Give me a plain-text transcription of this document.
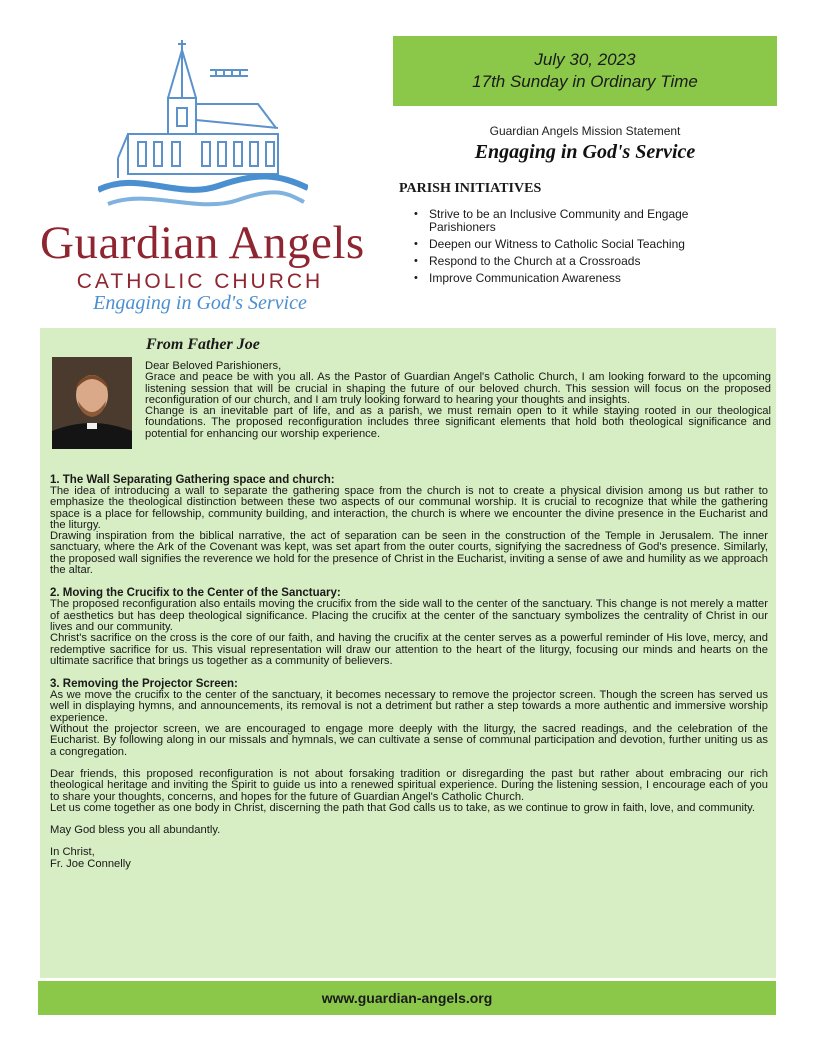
Guardian Angels
CATHOLIC CHURCH
Engaging in God's Service
July 30, 2023
17th Sunday in Ordinary Time
Guardian Angels Mission Statement
Engaging in God's Service
PARISH INITIATIVES
• Strive to be an Inclusive Community and Engage Parishioners
• Deepen our Witness to Catholic Social Teaching
• Respond to the Church at a Crossroads
• Improve Communication Awareness
From Father Joe

Dear Beloved Parishioners,

Grace and peace be with you all. As the Pastor of Guardian Angel's Catholic Church, I am looking forward to the upcoming listening session that will be crucial in shaping the future of our beloved church. This session will focus on the proposed reconfiguration of our church, and I am truly looking forward to hearing your thoughts and insights.

Change is an inevitable part of life, and as a parish, we must remain open to it while staying rooted in our theological foundations. The proposed reconfiguration includes three significant elements that hold both theological significance and potential for enhancing our worship experience.

1. The Wall Separating Gathering space and church:

The idea of introducing a wall to separate the gathering space from the church is not to create a physical division among us but rather to emphasize the theological distinction between these two aspects of our communal worship. It is crucial to recognize that while the gathering space is a place for fellowship, community building, and interaction, the church is where we encounter the divine presence in the Eucharist and the liturgy.

Drawing inspiration from the biblical narrative, the act of separation can be seen in the construction of the Temple in Jerusalem. The inner sanctuary, where the Ark of the Covenant was kept, was set apart from the outer courts, signifying the sacredness of God's presence. Similarly, the proposed wall signifies the reverence we hold for the presence of Christ in the Eucharist, inviting a sense of awe and humility as we approach the altar.

2. Moving the Crucifix to the Center of the Sanctuary:

The proposed reconfiguration also entails moving the crucifix from the side wall to the center of the sanctuary. This change is not merely a matter of aesthetics but has deep theological significance. Placing the crucifix at the center of the sanctuary symbolizes the centrality of Christ in our lives and our community.

Christ's sacrifice on the cross is the core of our faith, and having the crucifix at the center serves as a powerful reminder of His love, mercy, and redemptive sacrifice for us. This visual representation will draw our attention to the heart of the liturgy, focusing our minds and hearts on the ultimate sacrifice that brings us together as a community of believers.

3. Removing the Projector Screen:

As we move the crucifix to the center of the sanctuary, it becomes necessary to remove the projector screen. Though the screen has served us well in displaying hymns, and announcements, its removal is not a detriment but rather a step towards a more authentic and immersive worship experience.

Without the projector screen, we are encouraged to engage more deeply with the liturgy, the sacred readings, and the celebration of the Eucharist. By following along in our missals and hymnals, we can cultivate a sense of communal participation and devotion, further uniting us as a congregation.

Dear friends, this proposed reconfiguration is not about forsaking tradition or disregarding the past but rather about embracing our rich theological heritage and inviting the Spirit to guide us into a renewed spiritual experience. During the listening session, I encourage each of you to share your thoughts, concerns, and hopes for the future of Guardian Angel's Catholic Church.

Let us come together as one body in Christ, discerning the path that God calls us to take, as we continue to grow in faith, love, and community.

May God bless you all abundantly.

In Christ,

Fr. Joe Connelly

www.guardian-angels.org
